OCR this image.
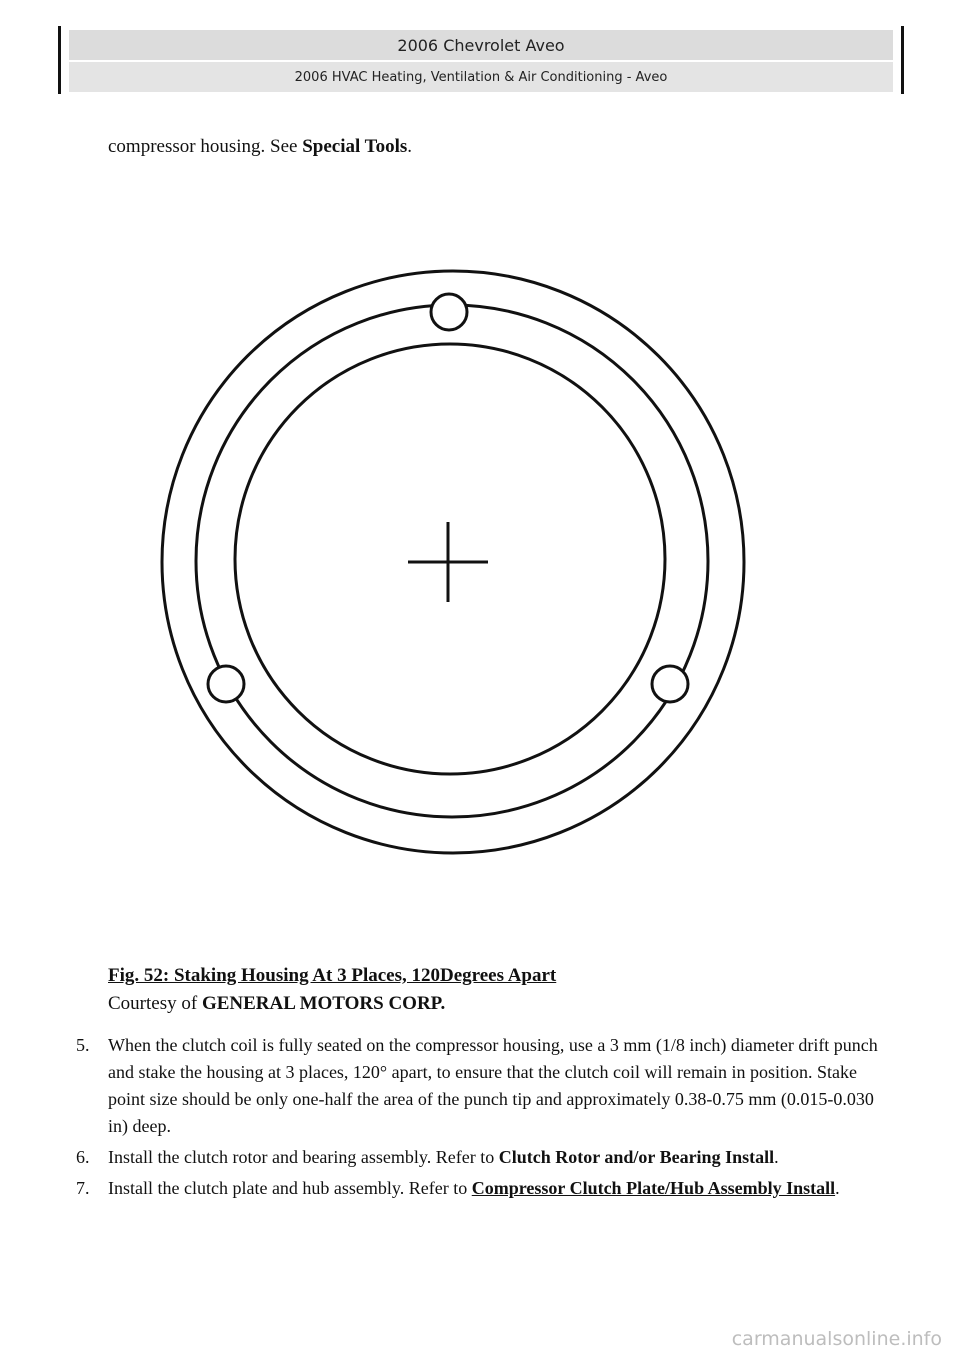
2006 Chevrolet Aveo
2006 HVAC Heating, Ventilation & Air Conditioning - Aveo
compressor housing. See Special Tools.
Fig. 52: Staking Housing At 3 Places, 120Degrees Apart
Courtesy of GENERAL MOTORS CORP.
5. When the clutch coil is fully seated on the compressor housing, use a 3 mm (1/8 inch) diameter drift punch and stake the housing at 3 places, 120° apart, to ensure that the clutch coil will remain in position. Stake point size should be only one-half the area of the punch tip and approximately 0.38-0.75 mm (0.015-0.030 in) deep.
6. Install the clutch rotor and bearing assembly. Refer to Clutch Rotor and/or Bearing Install.
7. Install the clutch plate and hub assembly. Refer to Compressor Clutch Plate/Hub Assembly Install.
carmanualsonline.info
